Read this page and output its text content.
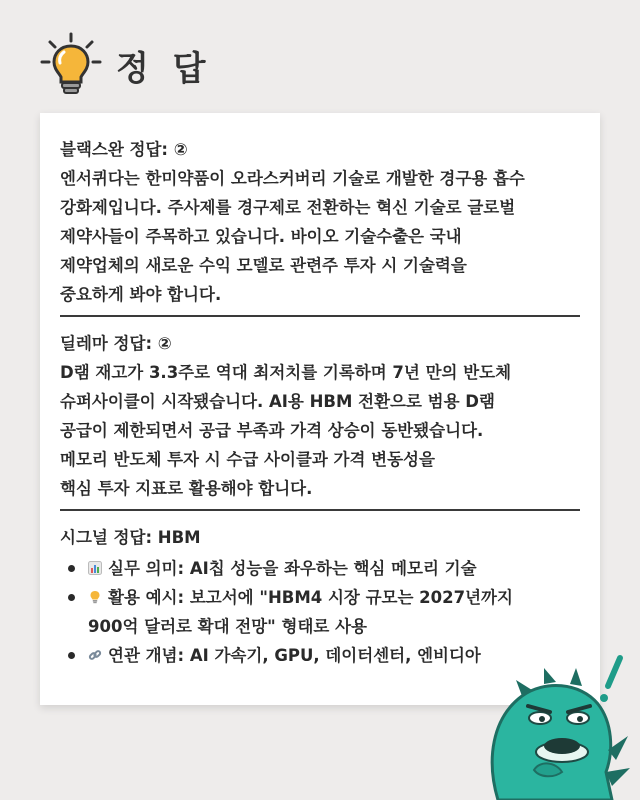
정 답

블랙스완 정답: ②

엔서퀴다는 한미약품이 오라스커버리 기술로 개발한 경구용 흡수
강화제입니다. 주사제를 경구제로 전환하는 혁신 기술로 글로벌
제약사들이 주목하고 있습니다. 바이오 기술수출은 국내
제약업체의 새로운 수익 모델로 관련주 투자 시 기술력을
중요하게 봐야 합니다.

딜레마 정답: ②

D램 재고가 3.3주로 역대 최저치를 기록하며 7년 만의 반도체
슈퍼사이클이 시작됐습니다. AI용 HBM 전환으로 범용 D램
공급이 제한되면서 공급 부족과 가격 상승이 동반됐습니다.
메모리 반도체 투자 시 수급 사이클과 가격 변동성을
핵심 투자 지표로 활용해야 합니다.

시그널 정답: HBM

실무 의미: AI칩 성능을 좌우하는 핵심 메모리 기술
활용 예시: 보고서에 "HBM4 시장 규모는 2027년까지
900억 달러로 확대 전망" 형태로 사용
연관 개념: AI 가속기, GPU, 데이터센터, 엔비디아
